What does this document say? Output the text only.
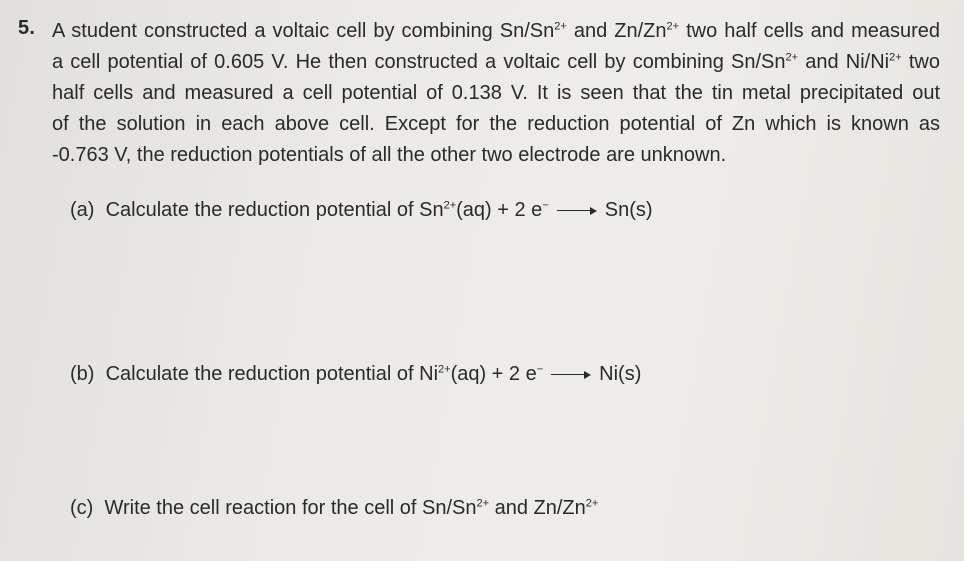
5. A student constructed a voltaic cell by combining $Sn/Sn^{2+}$ and $Zn/Zn^{2+}$ two half cells and measured
a cell potential of 0.605 V. He then constructed a voltaic cell by combining $Sn/Sn^{2+}$ and $Ni/Ni^{2+}$ two
half cells and measured a cell potential of 0.138 V. It is seen that the tin metal precipitated out
of the solution in each above cell. Except for the reduction potential of Zn which is known as
-0.763 V, the reduction potentials of all the other two electrode are unknown.
(a) Calculate the reduction potential of $Sn^{2+}(aq) + 2$ e−	Sn(s)
(b) Calculate the reduction potential of $Ni^{2+}(aq) + 2$ e−	Ni(s)
(c) Write the cell reaction for the cell of $Sn/Sn^{2+}$ and $Zn/Zn^{2+}$
